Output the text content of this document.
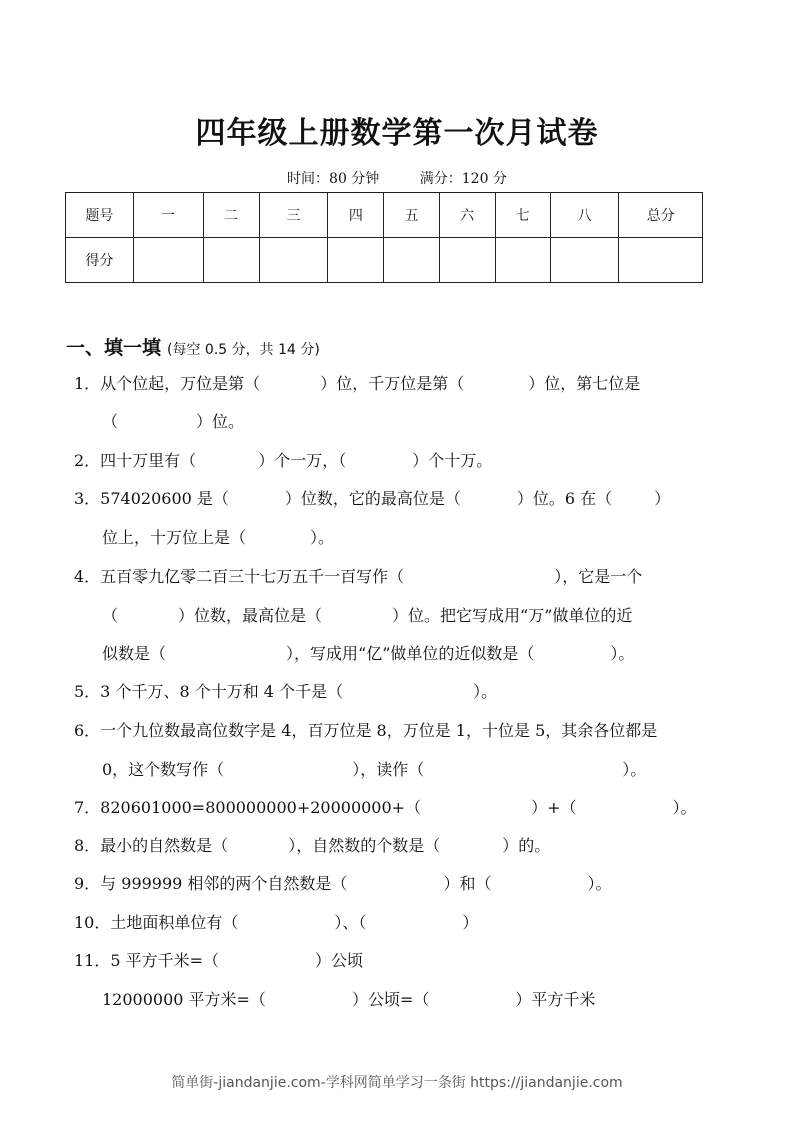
四年级上册数学第一次月试卷
时间：80 分钟	满分：120 分
题号	一	二	三	四	五	六	七	八	总分
得分									
一、填一填 (每空 0.5 分，共 14 分)
1．从个位起，万位是第（	）位，千万位是第（	）位，第七位是
（	）位。
2．四十万里有（	）个一万，（	）个十万。
3．574020600 是（	）位数，它的最高位是（	）位。6 在（	）
位上，十万位上是（	）。
4．五百零九亿零二百三十七万五千一百写作（	），它是一个
（	）位数，最高位是（	）位。把它写成用“万”做单位的近
似数是（	），写成用“亿”做单位的近似数是（	）。
5．3 个千万、8 个十万和 4 个千是（	）。
6．一个九位数最高位数字是 4，百万位是 8，万位是 1，十位是 5，其余各位都是
0，这个数写作（	），读作（	）。
7．820601000=800000000+20000000+（	）+（	）。
8．最小的自然数是（	），自然数的个数是（	）的。
9．与 999999 相邻的两个自然数是（	）和（	）。
10．土地面积单位有（	）、（	）
11．5 平方千米=（	）公顷
12000000 平方米=（	）公顷=（	）平方千米
简单街-jiandanjie.com-学科网简单学习一条街 https://jiandanjie.com
